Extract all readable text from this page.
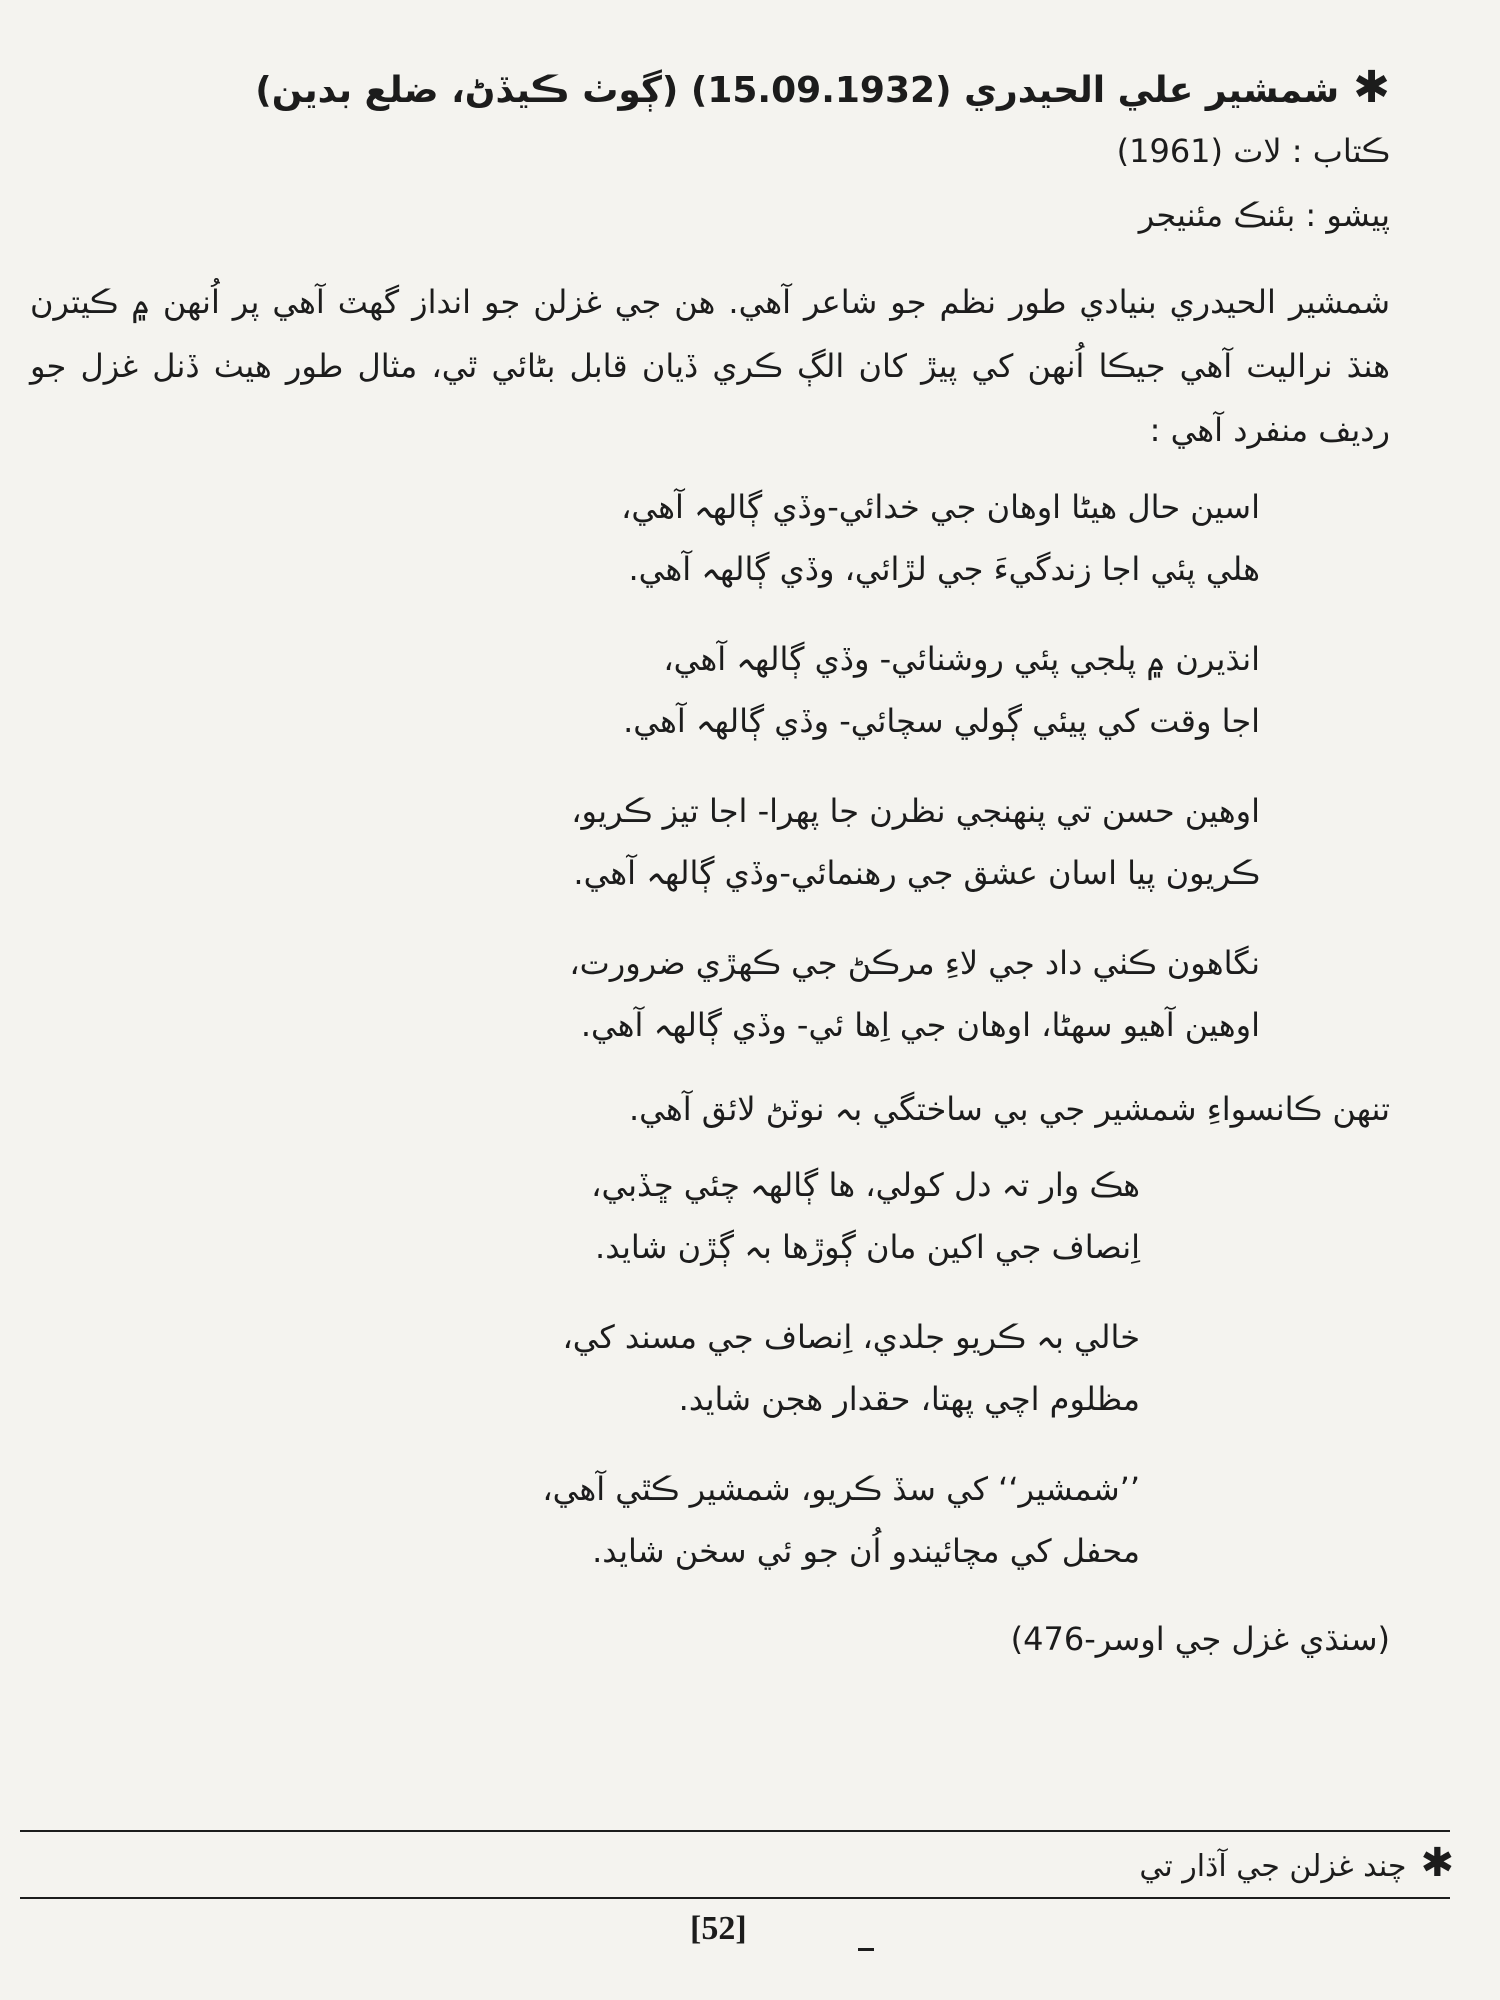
✱شمشير علي الحيدري (15.09.1932) (ڳوٺ ڪيڏڻ، ضلع بدين)
ڪتاب : لات (1961)
پيشو : بئنڪ مئنيجر
شمشير الحيدري بنيادي طور نظم جو شاعر آهي. هن جي غزلن جو انداز گهٽ آهي پر اُنهن ۾ ڪيترن هنڌ نراليت آهي جيڪا اُنهن کي پيڙ کان الڳ ڪري ڏيان قابل بڻائي ٿي، مثال طور هيٺ ڏنل غزل جو رديف منفرد آهي :
اسين حال هيڻا اوهان جي خدائي-وڏي ڳالهہ آهي،
هلي پئي اجا زندگيءَ جي لڙائي، وڏي ڳالهہ آهي.
انڌيرن ۾ پلجي پئي روشنائي- وڏي ڳالهہ آهي،
اجا وقت کي پيئي ڳولي سچائي- وڏي ڳالهہ آهي.
اوهين حسن تي پنهنجي نظرن جا پهرا- اجا تيز ڪريو،
ڪريون پيا اسان عشق جي رهنمائي-وڏي ڳالهہ آهي.
نگاهون ڪٺي داد جي لاءِ مرڪڻ جي ڪهڙي ضرورت،
اوهين آهيو سهڻا، اوهان جي اِها ئي- وڏي ڳالهہ آهي.
تنهن ڪانسواءِ شمشير جي بي ساختگي بہ نوٽڻ لائق آهي.
هڪ وار تہ دل کولي، ها ڳالهہ چئي ڇڏبي،
اِنصاف جي اکين مان ڳوڙها بہ ڳڙن شايد.
خالي بہ ڪريو جلدي، اِنصاف جي مسند کي،
مظلوم اچي پهتا، حقدار هجن شايد.
’’شمشير‘‘ کي سڏ ڪريو، شمشير ڪٿي آهي،
محفل کي مچائيندو اُن جو ئي سخن شايد.
(سنڌي غزل جي اوسر-476)
✱چند غزلن جي آڌار تي
[52]
